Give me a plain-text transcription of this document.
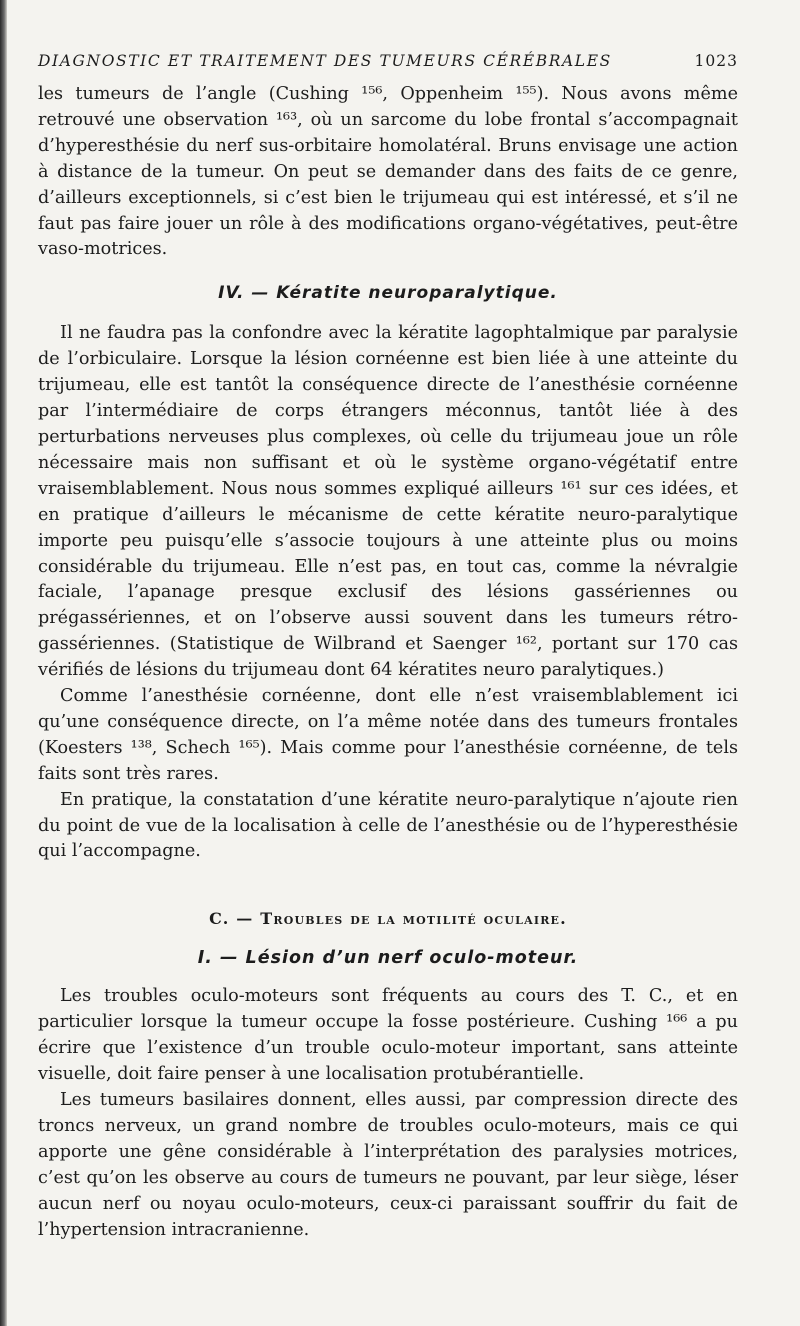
DIAGNOSTIC ET TRAITEMENT DES TUMEURS CÉRÉBRALES	1023

les tumeurs de l’angle (Cushing ¹⁵⁶, Oppenheim ¹⁵⁵). Nous avons même retrouvé une observation ¹⁶³, où un sarcome du lobe frontal s’accompagnait d’hyperesthésie du nerf sus-orbitaire homolatéral. Bruns envisage une action à distance de la tumeur. On peut se demander dans des faits de ce genre, d’ailleurs exceptionnels, si c’est bien le trijumeau qui est intéressé, et s’il ne faut pas faire jouer un rôle à des modifications organo-végétatives, peut-être vaso-motrices.

IV. — Kératite neuroparalytique.

Il ne faudra pas la confondre avec la kératite lagophtalmique par paralysie de l’orbiculaire. Lorsque la lésion cornéenne est bien liée à une atteinte du trijumeau, elle est tantôt la conséquence directe de l’anesthésie cornéenne par l’intermédiaire de corps étrangers méconnus, tantôt liée à des perturbations nerveuses plus complexes, où celle du trijumeau joue un rôle nécessaire mais non suffisant et où le système organo-végétatif entre vraisemblablement. Nous nous sommes expliqué ailleurs ¹⁶¹ sur ces idées, et en pratique d’ailleurs le mécanisme de cette kératite neuro-paralytique importe peu puisqu’elle s’associe toujours à une atteinte plus ou moins considérable du trijumeau. Elle n’est pas, en tout cas, comme la névralgie faciale, l’apanage presque exclusif des lésions gassériennes ou prégassériennes, et on l’observe aussi souvent dans les tumeurs rétro-gassériennes. (Statistique de Wilbrand et Saenger ¹⁶², portant sur 170 cas vérifiés de lésions du trijumeau dont 64 kératites neuro paralytiques.)

Comme l’anesthésie cornéenne, dont elle n’est vraisemblablement ici qu’une conséquence directe, on l’a même notée dans des tumeurs frontales (Koesters ¹³⁸, Schech ¹⁶⁵). Mais comme pour l’anesthésie cornéenne, de tels faits sont très rares.

En pratique, la constatation d’une kératite neuro-paralytique n’ajoute rien du point de vue de la localisation à celle de l’anesthésie ou de l’hyperesthésie qui l’accompagne.

C. — Troubles de la motilité oculaire.
I. — Lésion d’un nerf oculo-moteur.

Les troubles oculo-moteurs sont fréquents au cours des T. C., et en particulier lorsque la tumeur occupe la fosse postérieure. Cushing ¹⁶⁶ a pu écrire que l’existence d’un trouble oculo-moteur important, sans atteinte visuelle, doit faire penser à une localisation protubérantielle.

Les tumeurs basilaires donnent, elles aussi, par compression directe des troncs nerveux, un grand nombre de troubles oculo-moteurs, mais ce qui apporte une gêne considérable à l’interprétation des paralysies motrices, c’est qu’on les observe au cours de tumeurs ne pouvant, par leur siège, léser aucun nerf ou noyau oculo-moteurs, ceux-ci paraissant souffrir du fait de l’hypertension intracranienne.
